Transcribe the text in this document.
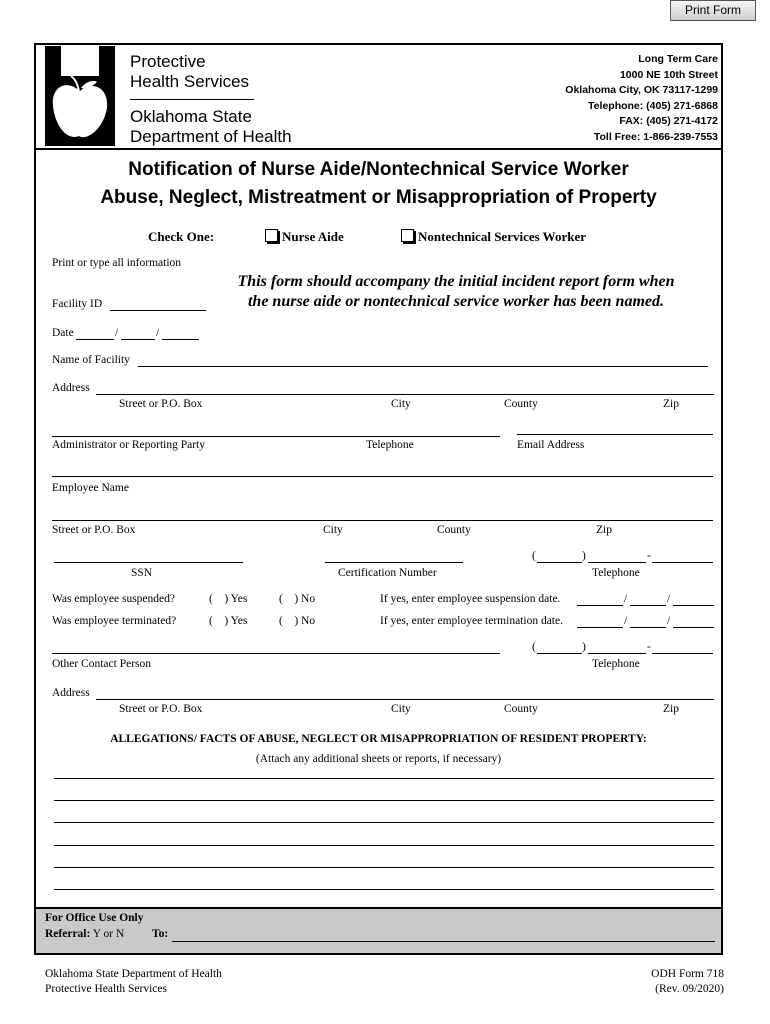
Print Form
Protective
Health Services
Oklahoma State
Department of Health
Long Term Care
1000 NE 10th Street
Oklahoma City, OK 73117-1299
Telephone: (405) 271-6868
FAX: (405) 271-4172
Toll Free: 1-866-239-7553
Notification of Nurse Aide/Nontechnical Service Worker
Abuse, Neglect, Mistreatment or Misappropriation of Property
Check One:	Nurse Aide	Nontechnical Services Worker
Print or type all information
This form should accompany the initial incident report form when
the nurse aide or nontechnical service worker has been named.
Facility ID
Date	/	/
Name of Facility
Address
Street or P.O. Box	City	County	Zip
Administrator or Reporting Party	Telephone	Email Address
Employee Name
Street or P.O. Box	City	County	Zip
(	)	-
SSN	Certification Number	Telephone
Was employee suspended?	(    ) Yes	(    ) No	If yes, enter employee suspension date.	/	/
Was employee terminated?	(    ) Yes	(    ) No	If yes, enter employee termination date.	/	/
(	)	-
Other Contact Person	Telephone
Address
Street or P.O. Box	City	County	Zip
ALLEGATIONS/ FACTS OF ABUSE, NEGLECT OR MISAPPROPRIATION OF RESIDENT PROPERTY:
(Attach any additional sheets or reports, if necessary)
For Office Use Only
Referral: Y or N To:
Oklahoma State Department of Health
Protective Health Services
ODH Form 718
(Rev. 09/2020)
